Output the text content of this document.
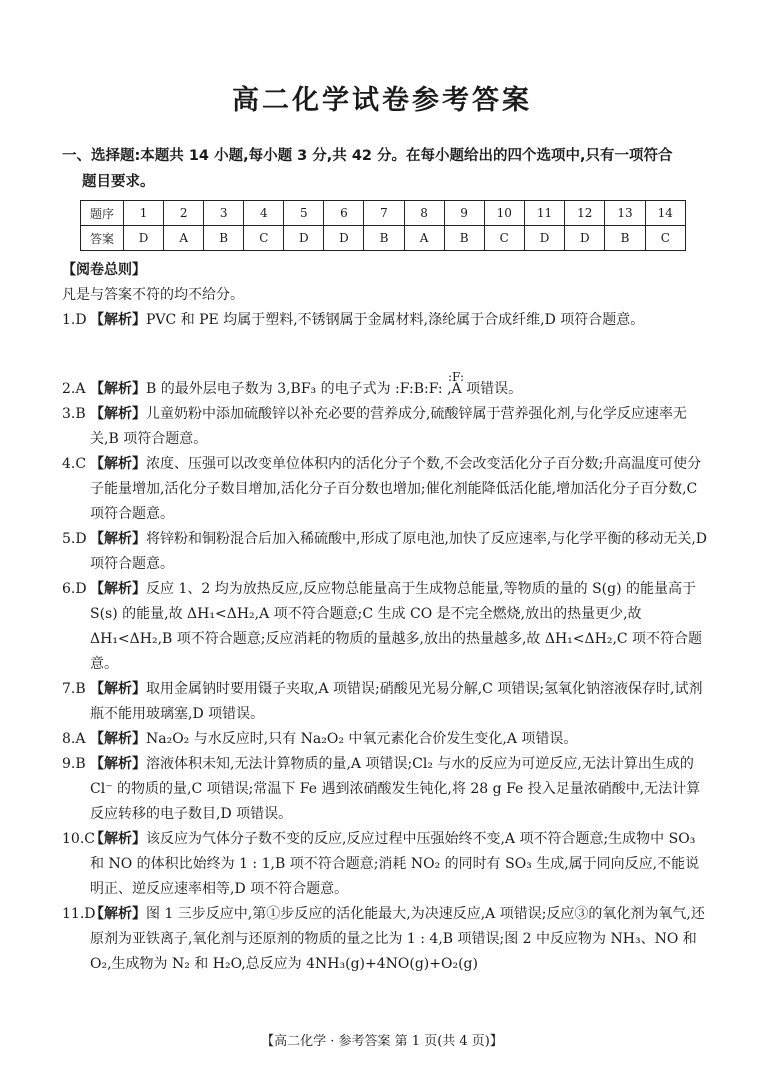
高二化学试卷参考答案
一、选择题:本题共 14 小题,每小题 3 分,共 42 分。在每小题给出的四个选项中,只有一项符合
题目要求。
题序	1	2	3	4	5	6	7	8	9	10	11	12	13	14
答案	D	A	B	C	D	D	B	A	B	C	D	D	B	C
【阅卷总则】
凡是与答案不符的均不给分。
:F:
1.D 【解析】PVC 和 PE 均属于塑料,不锈钢属于金属材料,涤纶属于合成纤维,D 项符合题意。
2.A 【解析】B 的最外层电子数为 3,BF₃ 的电子式为 :F:B:F: ,A 项错误。
3.B 【解析】儿童奶粉中添加硫酸锌以补充必要的营养成分,硫酸锌属于营养强化剂,与化学反应速率无关,B 项符合题意。
4.C 【解析】浓度、压强可以改变单位体积内的活化分子个数,不会改变活化分子百分数;升高温度可使分子能量增加,活化分子数目增加,活化分子百分数也增加;催化剂能降低活化能,增加活化分子百分数,C 项符合题意。
5.D 【解析】将锌粉和铜粉混合后加入稀硫酸中,形成了原电池,加快了反应速率,与化学平衡的移动无关,D 项符合题意。
6.D 【解析】反应 1、2 均为放热反应,反应物总能量高于生成物总能量,等物质的量的 S(g) 的能量高于 S(s) 的能量,故 ΔH₁<ΔH₂,A 项不符合题意;C 生成 CO 是不完全燃烧,放出的热量更少,故 ΔH₁<ΔH₂,B 项不符合题意;反应消耗的物质的量越多,放出的热量越多,故 ΔH₁<ΔH₂,C 项不符合题意。
7.B 【解析】取用金属钠时要用镊子夹取,A 项错误;硝酸见光易分解,C 项错误;氢氧化钠溶液保存时,试剂瓶不能用玻璃塞,D 项错误。
8.A 【解析】Na₂O₂ 与水反应时,只有 Na₂O₂ 中氧元素化合价发生变化,A 项错误。
9.B 【解析】溶液体积未知,无法计算物质的量,A 项错误;Cl₂ 与水的反应为可逆反应,无法计算出生成的 Cl⁻ 的物质的量,C 项错误;常温下 Fe 遇到浓硝酸发生钝化,将 28 g Fe 投入足量浓硝酸中,无法计算反应转移的电子数目,D 项错误。
10.C
【解析】该反应为气体分子数不变的反应,反应过程中压强始终不变,A 项不符合题意;生成物中 SO₃ 和 NO 的体积比始终为 1 : 1,B 项不符合题意;消耗 NO₂ 的同时有 SO₃ 生成,属于同向反应,不能说明正、逆反应速率相等,D 项不符合题意。
11.D
【解析】图 1 三步反应中,第①步反应的活化能最大,为决速反应,A 项错误;反应③的氧化剂为氧气,还原剂为亚铁离子,氧化剂与还原剂的物质的量之比为 1 : 4,B 项错误;图 2 中反应物为 NH₃、NO 和 O₂,生成物为 N₂ 和 H₂O,总反应为 4NH₃(g)+4NO(g)+O₂(g)
【高二化学 · 参考答案 第 1 页(共 4 页)】
